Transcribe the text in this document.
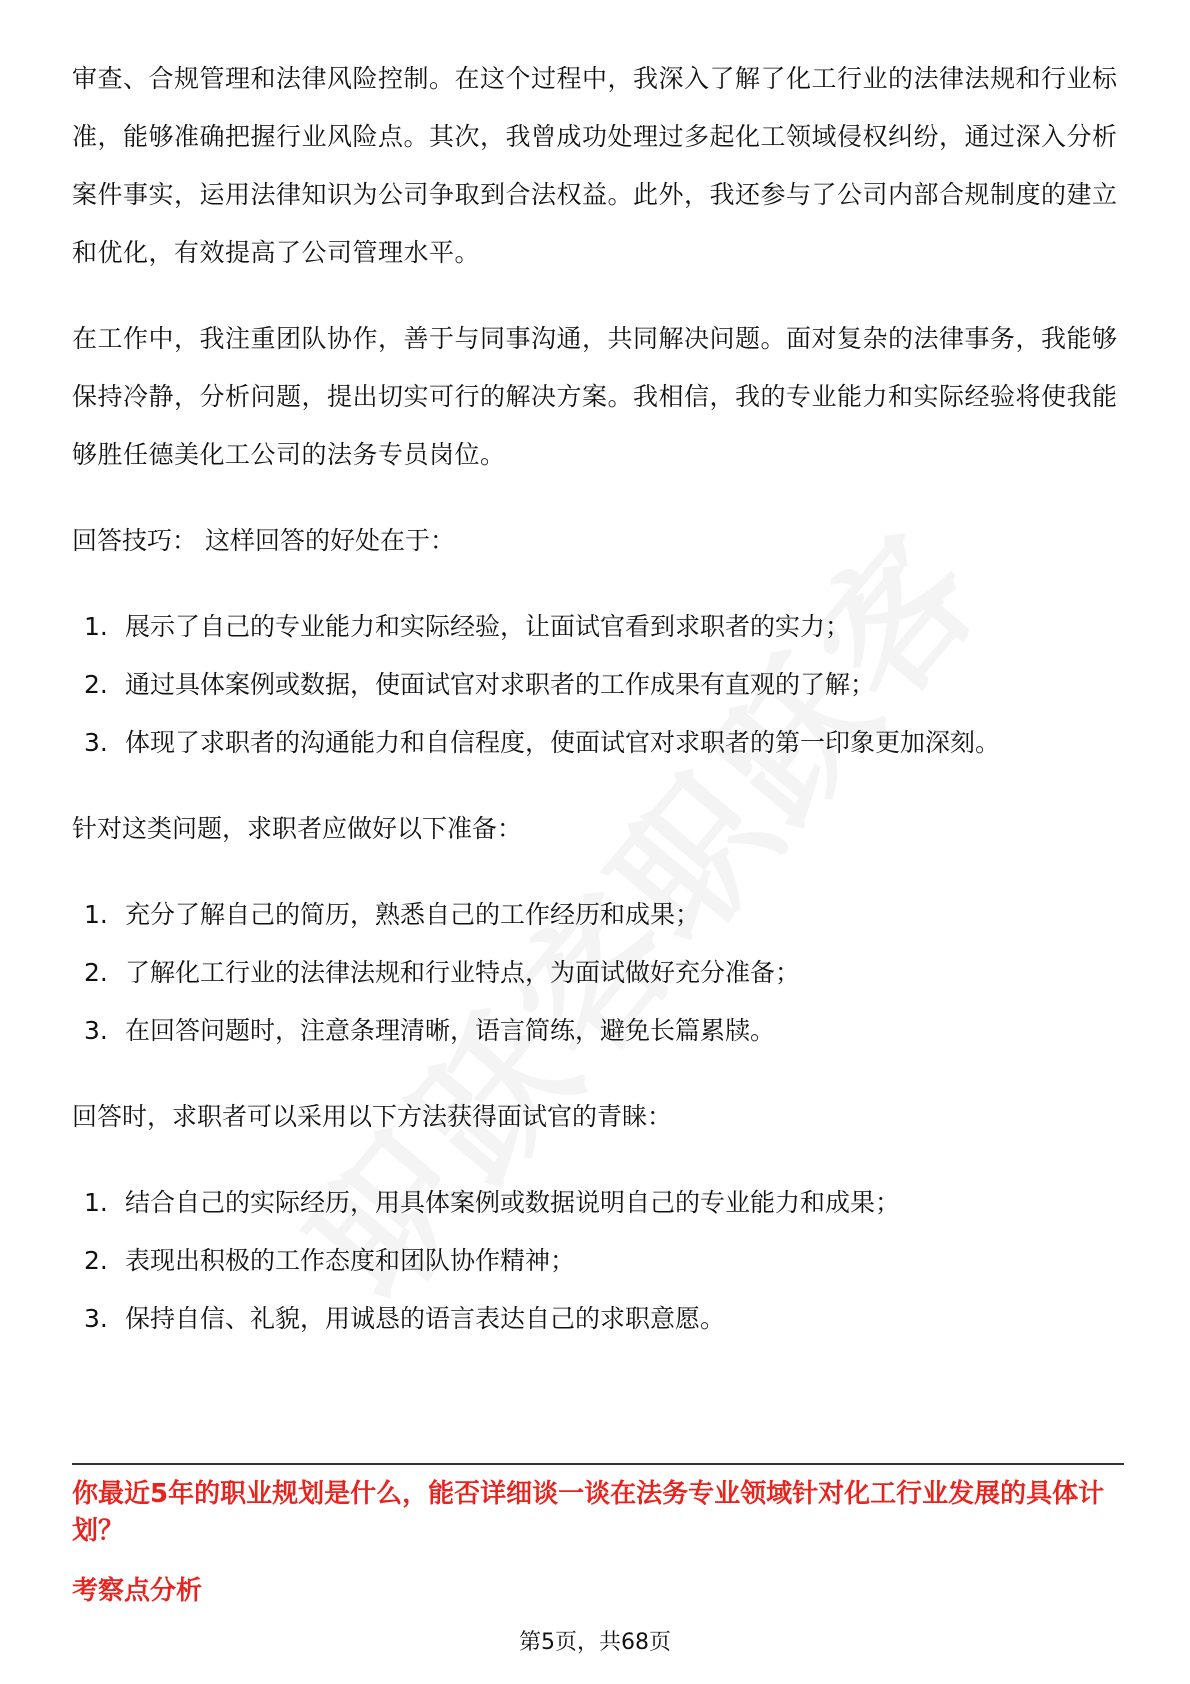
审查、合规管理和法律风险控制。在这个过程中，我深入了解了化工行业的法律法规和行业标准，能够准确把握行业风险点。其次，我曾成功处理过多起化工领域侵权纠纷，通过深入分析案件事实，运用法律知识为公司争取到合法权益。此外，我还参与了公司内部合规制度的建立和优化，有效提高了公司管理水平。

在工作中，我注重团队协作，善于与同事沟通，共同解决问题。面对复杂的法律事务，我能够保持冷静，分析问题，提出切实可行的解决方案。我相信，我的专业能力和实际经验将使我能够胜任德美化工公司的法务专员岗位。

回答技巧： 这样回答的好处在于：

1. 展示了自己的专业能力和实际经验，让面试官看到求职者的实力；
2. 通过具体案例或数据，使面试官对求职者的工作成果有直观的了解；
3. 体现了求职者的沟通能力和自信程度，使面试官对求职者的第一印象更加深刻。

针对这类问题，求职者应做好以下准备：

1. 充分了解自己的简历，熟悉自己的工作经历和成果；
2. 了解化工行业的法律法规和行业特点，为面试做好充分准备；
3. 在回答问题时，注意条理清晰，语言简练，避免长篇累牍。

回答时，求职者可以采用以下方法获得面试官的青睐：

1. 结合自己的实际经历，用具体案例或数据说明自己的专业能力和成果；
2. 表现出积极的工作态度和团队协作精神；
3. 保持自信、礼貌，用诚恳的语言表达自己的求职意愿。

你最近5年的职业规划是什么，能否详细谈一谈在法务专业领域针对化工行业发展的具体计划？

考察点分析

第5页，共68页
